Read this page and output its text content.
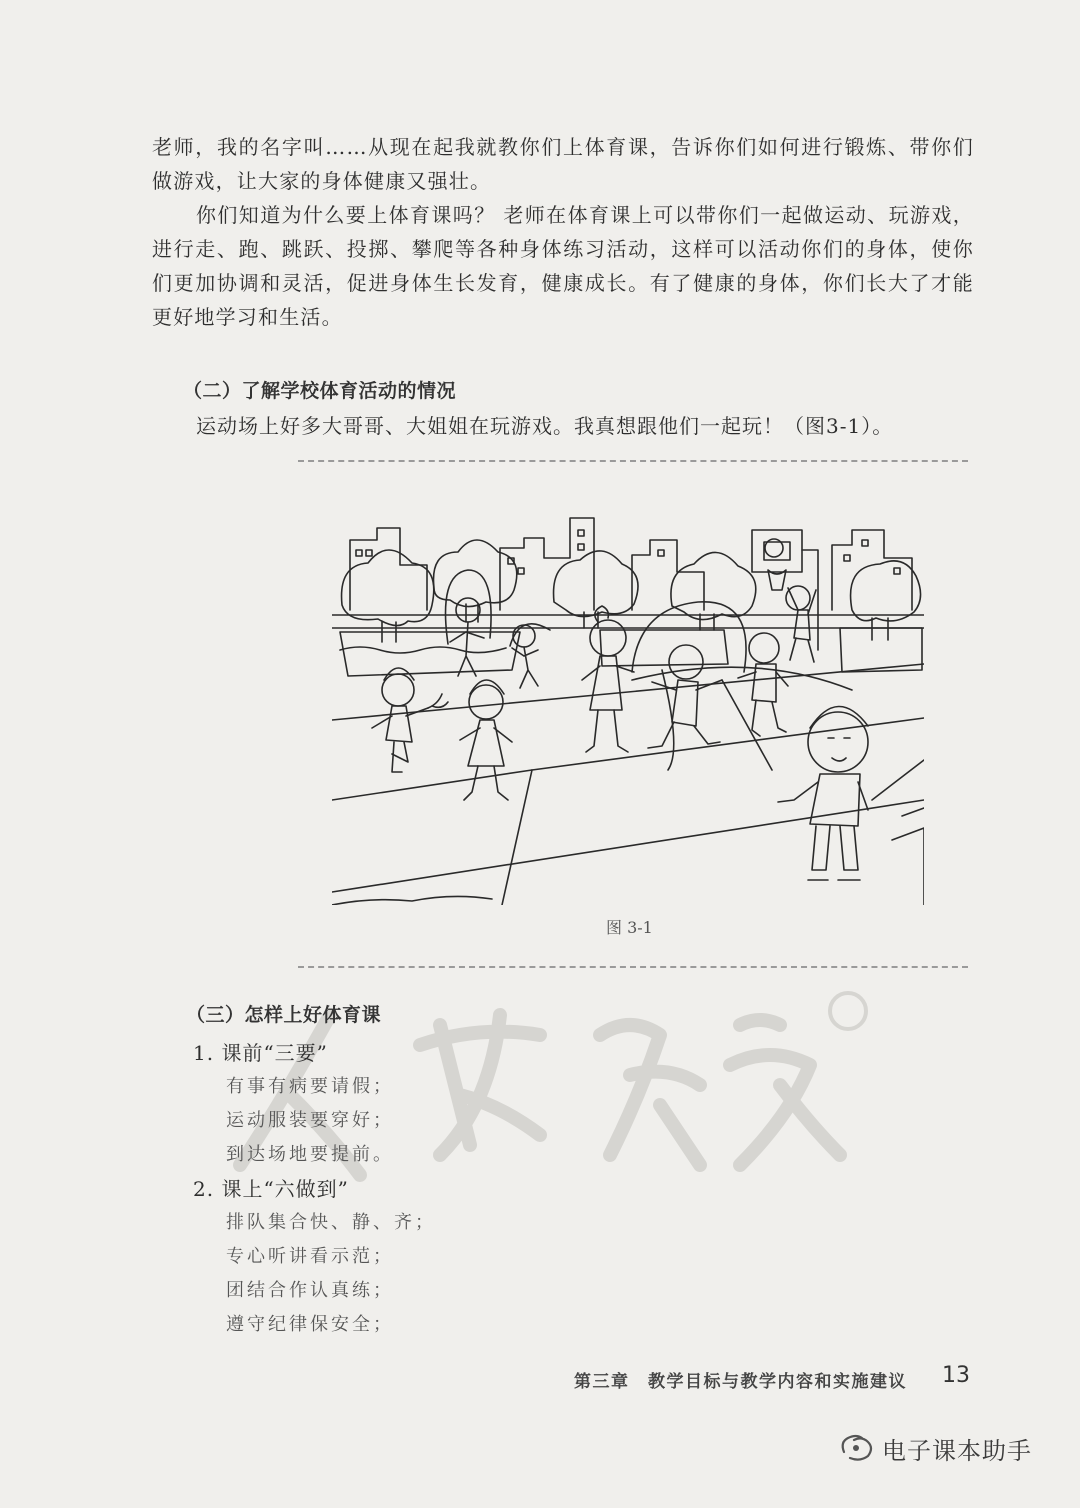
老师，我的名字叫……从现在起我就教你们上体育课，告诉你们如何进行锻炼、带你们做游戏，让大家的身体健康又强壮。

你们知道为什么要上体育课吗？ 老师在体育课上可以带你们一起做运动、玩游戏，进行走、跑、跳跃、投掷、攀爬等各种身体练习活动，这样可以活动你们的身体，使你们更加协调和灵活，促进身体生长发育，健康成长。有了健康的身体，你们长大了才能更好地学习和生活。

（二）了解学校体育活动的情况

运动场上好多大哥哥、大姐姐在玩游戏。我真想跟他们一起玩！（图3-1）。

图 3-1

（三）怎样上好体育课

1. 课前“三要”

有事有病要请假；

运动服装要穿好；

到达场地要提前。

2. 课上“六做到”

排队集合快、静、齐；

专心听讲看示范；

团结合作认真练；

遵守纪律保安全；

第三章　教学目标与教学内容和实施建议 13

电子课本助手
